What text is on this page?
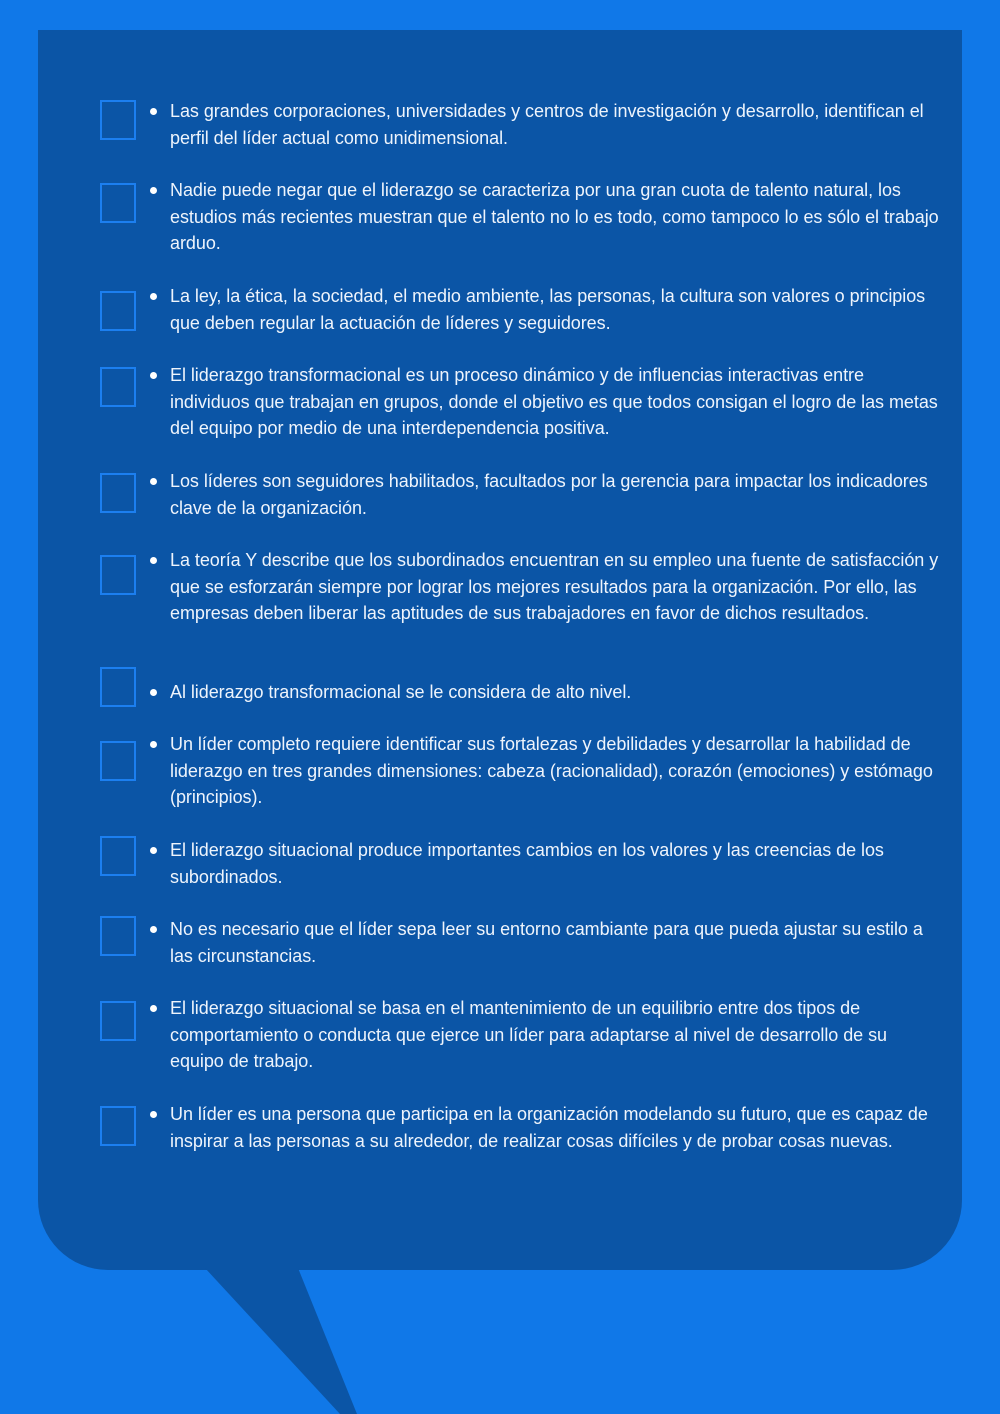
Las grandes corporaciones, universidades y centros de investigación y desarrollo, identifican el perfil del líder actual como unidimensional.
Nadie puede negar que el liderazgo se caracteriza por una gran cuota de talento natural, los estudios más recientes muestran que el talento no lo es todo, como tampoco lo es sólo el trabajo arduo.
La ley, la ética, la sociedad, el medio ambiente, las personas, la cultura son valores o principios que deben regular la actuación de líderes y seguidores.
El liderazgo transformacional es un proceso dinámico y de influencias interactivas entre individuos que trabajan en grupos, donde el objetivo es que todos consigan el logro de las metas del equipo por medio de una interdependencia positiva.
Los líderes son seguidores habilitados, facultados por la gerencia para impactar los indicadores clave de la organización.
La teoría Y describe que los subordinados encuentran en su empleo una fuente de satisfacción y que se esforzarán siempre por lograr los mejores resultados para la organización. Por ello, las empresas deben liberar las aptitudes de sus trabajadores en favor de dichos resultados.
Al liderazgo transformacional se le considera de alto nivel.
Un líder completo requiere identificar sus fortalezas y debilidades y desarrollar la habilidad de liderazgo en tres grandes dimensiones: cabeza (racionalidad), corazón (emociones) y estómago (principios).
El liderazgo situacional produce importantes cambios en los valores y las creencias de los subordinados.
No es necesario que el líder sepa leer su entorno cambiante para que pueda ajustar su estilo a las circunstancias.
El liderazgo situacional se basa en el mantenimiento de un equilibrio entre dos tipos de comportamiento o conducta que ejerce un líder para adaptarse al nivel de desarrollo de su equipo de trabajo.
Un líder es una persona que participa en la organización modelando su futuro, que es capaz de inspirar a las personas a su alrededor, de realizar cosas difíciles y de probar cosas nuevas.
